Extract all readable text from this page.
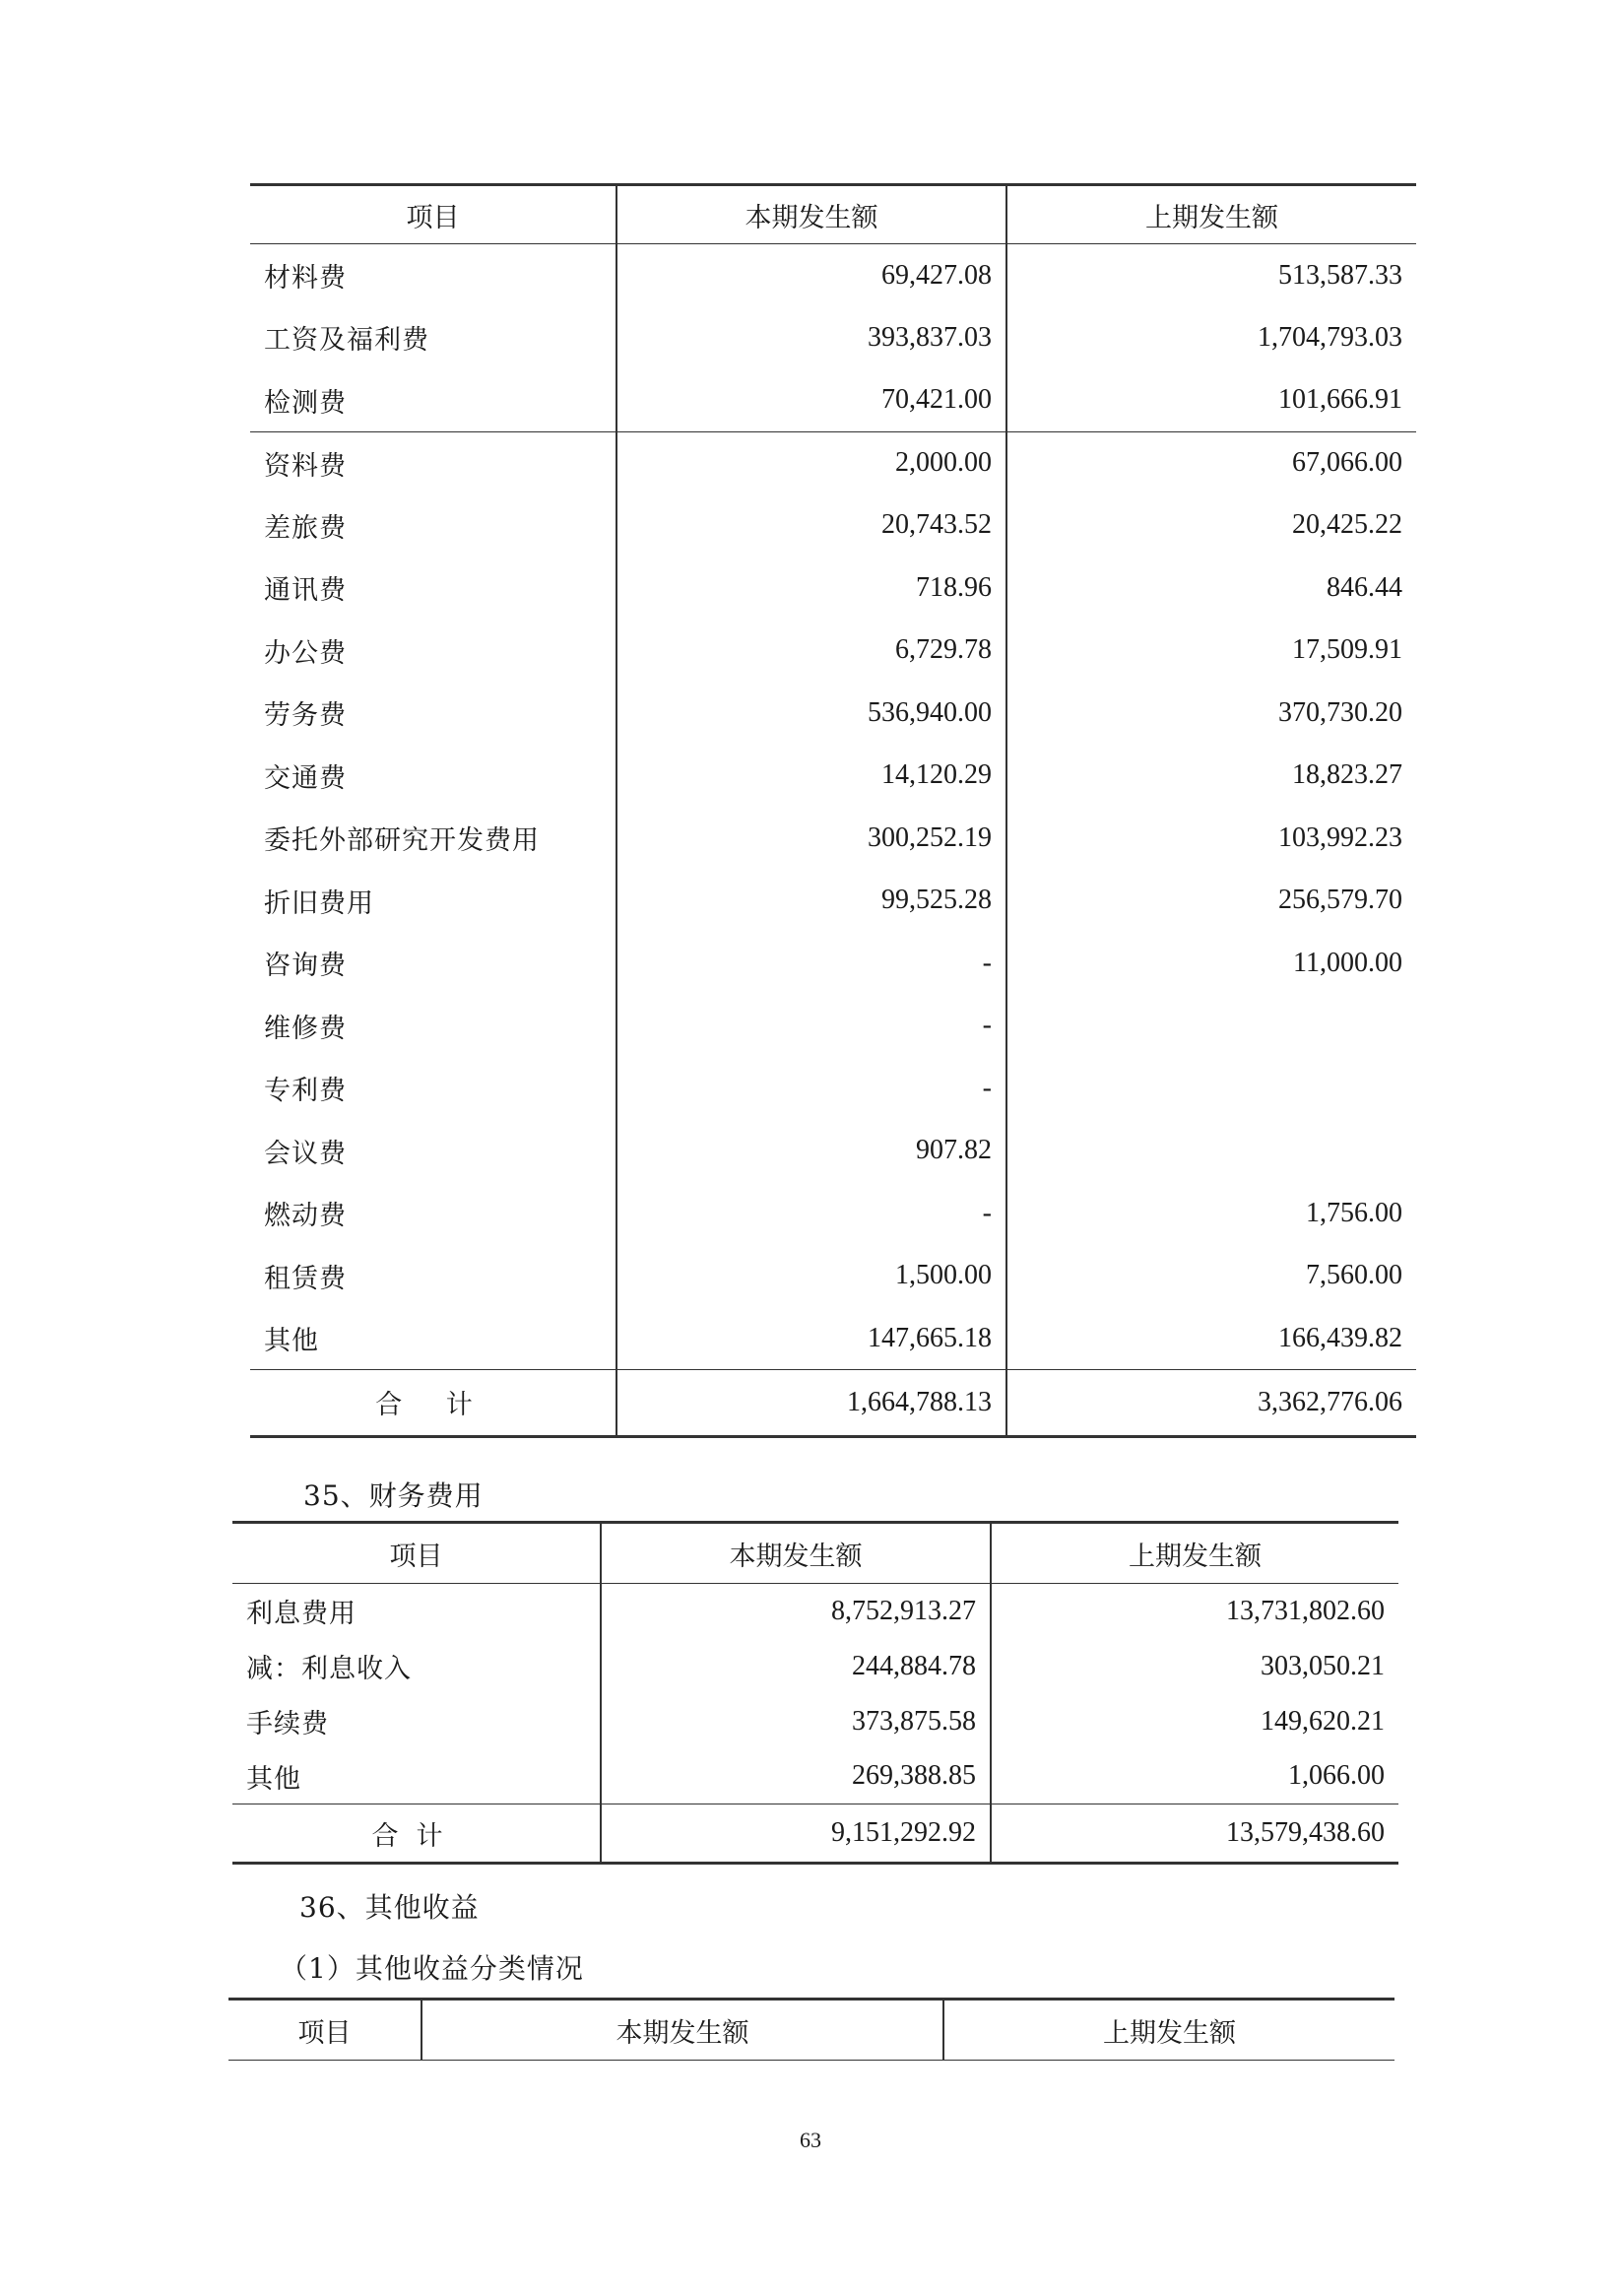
项目	本期发生额	上期发生额
材料费	69,427.08	513,587.33
工资及福利费	393,837.03	1,704,793.03
检测费	70,421.00	101,666.91
资料费	2,000.00	67,066.00
差旅费	20,743.52	20,425.22
通讯费	718.96	846.44
办公费	6,729.78	17,509.91
劳务费	536,940.00	370,730.20
交通费	14,120.29	18,823.27
委托外部研究开发费用	300,252.19	103,992.23
折旧费用	99,525.28	256,579.70
咨询费	-	11,000.00
维修费	-	
专利费	-	
会议费	907.82	
燃动费	-	1,756.00
租赁费	1,500.00	7,560.00
其他	147,665.18	166,439.82
合 计	1,664,788.13	3,362,776.06
35、财务费用
项目	本期发生额	上期发生额
利息费用	8,752,913.27	13,731,802.60
减：利息收入	244,884.78	303,050.21
手续费	373,875.58	149,620.21
其他	269,388.85	1,066.00
合计	9,151,292.92	13,579,438.60
36、其他收益
（1）其他收益分类情况
项目	本期发生额	上期发生额
63
